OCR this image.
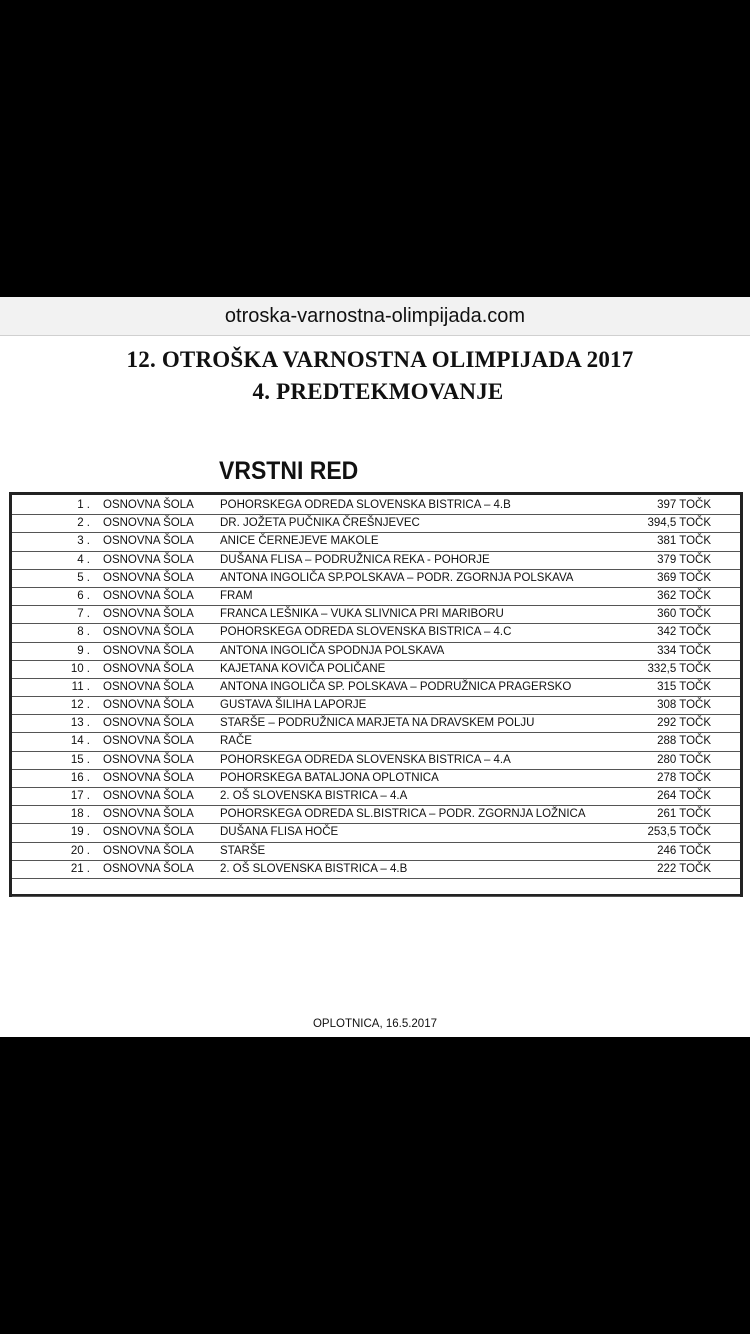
otroska-varnostna-olimpijada.com
12. OTROŠKA VARNOSTNA OLIMPIJADA 2017
4. PREDTEKMOVANJE
VRSTNI RED
1 . OSNOVNA ŠOLA POHORSKEGA ODREDA SLOVENSKA BISTRICA – 4.B	397 TOČK
2 . OSNOVNA ŠOLA DR. JOŽETA PUČNIKA ČREŠNJEVEC	394,5 TOČK
3 . OSNOVNA ŠOLA ANICE ČERNEJEVE MAKOLE	381 TOČK
4 . OSNOVNA ŠOLA DUŠANA FLISA – PODRUŽNICA REKA - POHORJE	379 TOČK
5 . OSNOVNA ŠOLA ANTONA INGOLIČA SP.POLSKAVA – PODR. ZGORNJA POLSKAVA	369 TOČK
6 . OSNOVNA ŠOLA FRAM	362 TOČK
7 . OSNOVNA ŠOLA FRANCA LEŠNIKA – VUKA SLIVNICA PRI MARIBORU	360 TOČK
8 . OSNOVNA ŠOLA POHORSKEGA ODREDA SLOVENSKA BISTRICA – 4.C	342 TOČK
9 . OSNOVNA ŠOLA ANTONA INGOLIČA SPODNJA POLSKAVA	334 TOČK
10 . OSNOVNA ŠOLA KAJETANA KOVIČA POLIČANE	332,5 TOČK
11 . OSNOVNA ŠOLA ANTONA INGOLIČA SP. POLSKAVA – PODRUŽNICA PRAGERSKO	315 TOČK
12 . OSNOVNA ŠOLA GUSTAVA ŠILIHA LAPORJE	308 TOČK
13 . OSNOVNA ŠOLA STARŠE – PODRUŽNICA MARJETA NA DRAVSKEM POLJU	292 TOČK
14 . OSNOVNA ŠOLA RAČE	288 TOČK
15 . OSNOVNA ŠOLA POHORSKEGA ODREDA SLOVENSKA BISTRICA – 4.A	280 TOČK
16 . OSNOVNA ŠOLA POHORSKEGA BATALJONA OPLOTNICA	278 TOČK
17 . OSNOVNA ŠOLA 2. OŠ SLOVENSKA BISTRICA – 4.A	264 TOČK
18 . OSNOVNA ŠOLA POHORSKEGA ODREDA SL.BISTRICA – PODR. ZGORNJA LOŽNICA	261 TOČK
19 . OSNOVNA ŠOLA DUŠANA FLISA HOČE	253,5 TOČK
20 . OSNOVNA ŠOLA STARŠE	246 TOČK
21 . OSNOVNA ŠOLA 2. OŠ SLOVENSKA BISTRICA – 4.B	222 TOČK
OPLOTNICA, 16.5.2017
